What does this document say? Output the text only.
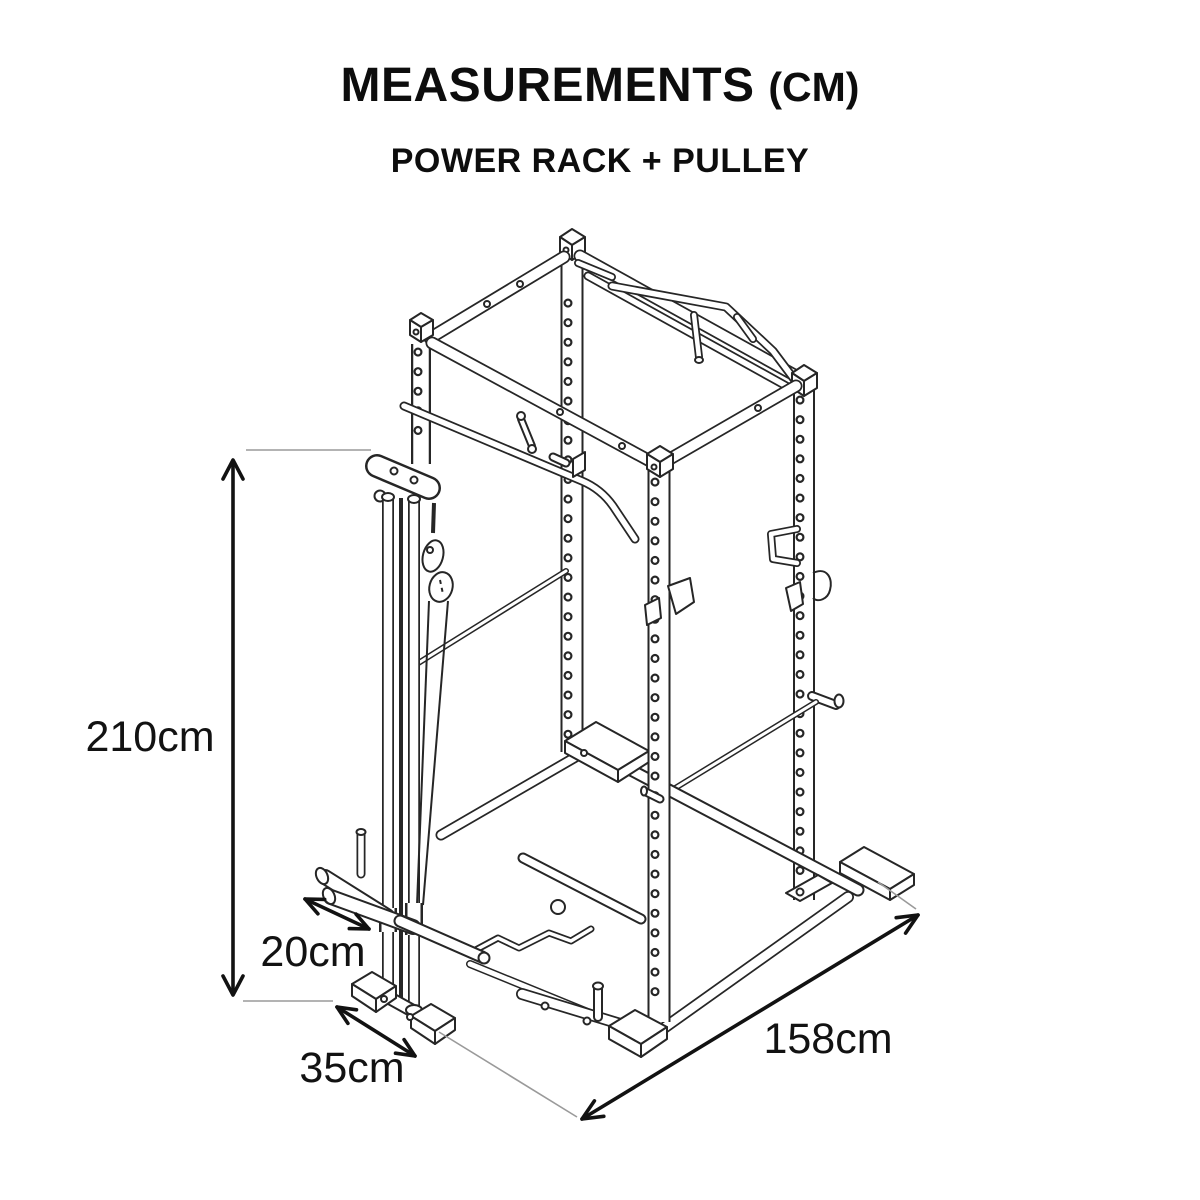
MEASUREMENTS (CM)
POWER RACK + PULLEY
210cm
20cm
35cm
158cm
